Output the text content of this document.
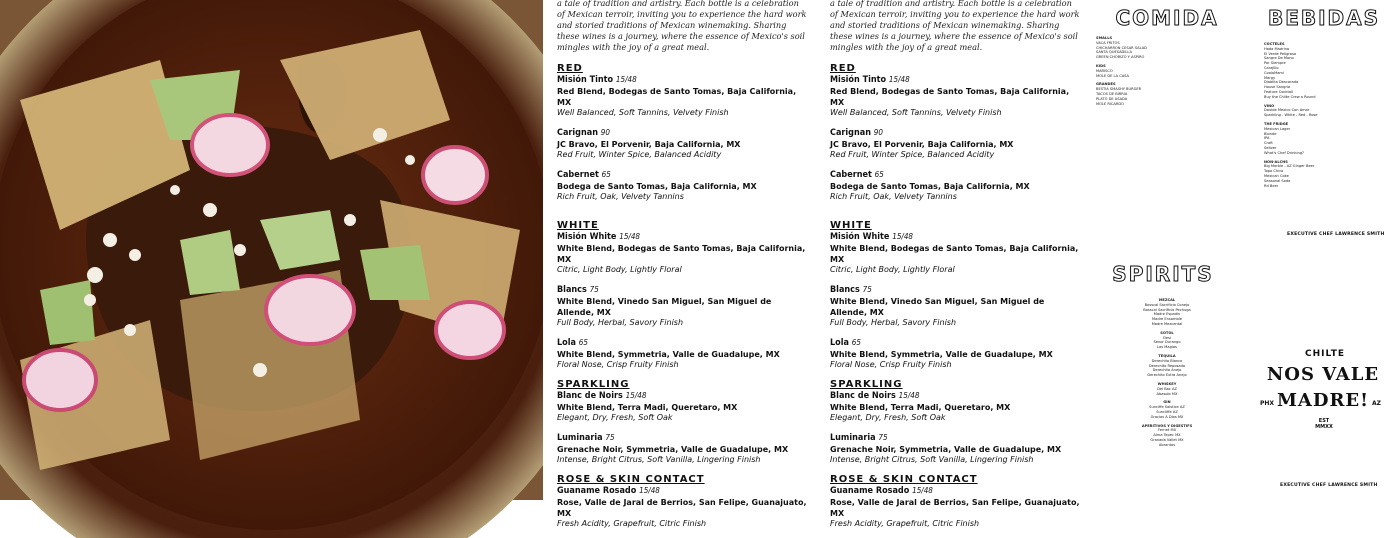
a tale of tradition and artistry. Each bottle is a celebration of Mexican terroir, inviting you to experience the hard work and storied traditions of Mexican winemaking. Sharing these wines is a journey, where the essence of Mexico's soil mingles with the joy of a great meal.

RED
Misión Tinto 15/48
Red Blend, Bodegas de Santo Tomas, Baja California, MX
Well Balanced, Soft Tannins, Velvety Finish
Carignan 90
JC Bravo, El Porvenir, Baja California, MX
Red Fruit, Winter Spice, Balanced Acidity
Cabernet 65
Bodega de Santo Tomas, Baja California, MX
Rich Fruit, Oak, Velvety Tannins
WHITE
Misión White 15/48
White Blend, Bodegas de Santo Tomas, Baja California, MX
Citric, Light Body, Lightly Floral
Blancs 75
White Blend, Vinedo San Miguel, San Miguel de Allende, MX
Full Body, Herbal, Savory Finish
Lola 65
White Blend, Symmetria, Valle de Guadalupe, MX
Floral Nose, Crisp Fruity Finish
SPARKLING
Blanc de Noirs 15/48
White Blend, Terra Madi, Queretaro, MX
Elegant, Dry, Fresh, Soft Oak
Luminaria 75
Grenache Noir, Symmetria, Valle de Guadalupe, MX
Intense, Bright Citrus, Soft Vanilla, Lingering Finish
ROSE & SKIN CONTACT
Guaname Rosado 15/48
Rose, Valle de Jaral de Berrios, San Felipe, Guanajuato, MX
Fresh Acidity, Grapefruit, Citric Finish

a tale of tradition and artistry. Each bottle is a celebration of Mexican terroir, inviting you to experience the hard work and storied traditions of Mexican winemaking. Sharing these wines is a journey, where the essence of Mexico's soil mingles with the joy of a great meal.

RED
Misión Tinto 15/48
Red Blend, Bodegas de Santo Tomas, Baja California, MX
Well Balanced, Soft Tannins, Velvety Finish
Carignan 90
JC Bravo, El Porvenir, Baja California, MX
Red Fruit, Winter Spice, Balanced Acidity
Cabernet 65
Bodega de Santo Tomas, Baja California, MX
Rich Fruit, Oak, Velvety Tannins
WHITE
Misión White 15/48
White Blend, Bodegas de Santo Tomas, Baja California, MX
Citric, Light Body, Lightly Floral
Blancs 75
White Blend, Vinedo San Miguel, San Miguel de Allende, MX
Full Body, Herbal, Savory Finish
Lola 65
White Blend, Symmetria, Valle de Guadalupe, MX
Floral Nose, Crisp Fruity Finish
SPARKLING
Blanc de Noirs 15/48
White Blend, Terra Madi, Queretaro, MX
Elegant, Dry, Fresh, Soft Oak
Luminaria 75
Grenache Noir, Symmetria, Valle de Guadalupe, MX
Intense, Bright Citrus, Soft Vanilla, Lingering Finish
ROSE & SKIN CONTACT
Guaname Rosado 15/48
Rose, Valle de Jaral de Berrios, San Felipe, Guanajuato, MX
Fresh Acidity, Grapefruit, Citric Finish
COMIDA	BEBIDAS
SPIRITS
SMALLS
VACA FRITOS
CHICHARRON CESAR SALAD
SANTA QUESADILLA
GREEN CHORIZO Y ASPIRO
KIDS
MARISCO
MOLE DE LA CASA
GRANDES
BESTIA SMASHY BURGER
TACOS DE BIRRIA
PLATO DE ASADA
MOLE RICARDO
COCTELES
Hada Madrina
El Verde Peligroso
Sangre De Mono
Por Siempre
Carajillo
CoolaMami
Margy
Diablita Descarada
House Sangria
Feature Cocktail
Buy the Chilte Crew a Round
VINO
Double Mexico Con Amor
Sparkling - White - Red - Rose
THE FRIDGE
Mexican Lager
Blonde
IPA
Craft
Seltzer
What's Chef Drinking?
NON-ALCHS
Big Marble - AZ Ginger Beer
Topo Chico
Mexican Coke
Seasonal Soda
Rd Beer
MEZCAL
Bosscal Sacrificio Conejo
Bosscal Sacrificio Pechuga
Madre Espadin
Madre Ensamble
Madre Mezcental
SOTOL
Desi
Senor Durango
Las Magias
TEQUILA
Derechito Blanco
Derechito Reposado
Derechito Anejo
Derechito Extra Anejo
WHISKEY
Del Bac AZ
Abasolo MX
GIN
Sunciffe Solstice AZ
Suncliffe AZ
Gracias A Dios MX
APERITIVOS Y DIGESTIFS
Fernet MX
Alma Tepec MX
Granada Vallet MX
Abrantos
EXECUTIVE CHEF LAWRENCE SMITH
EXECUTIVE CHEF LAWRENCE SMITH
CHILTE
NOS VALE
MADRE!
PHX	AZ
EST
MMXX
